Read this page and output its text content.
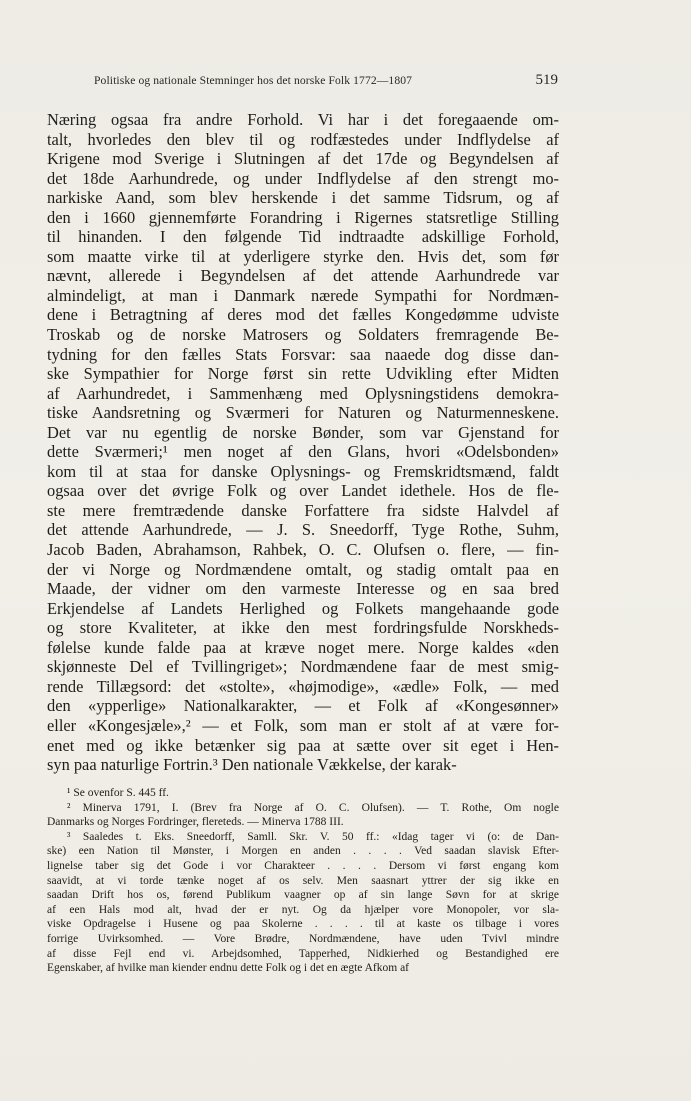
Politiske og nationale Stemninger hos det norske Folk 1772—1807	519
Næring ogsaa fra andre Forhold. Vi har i det foregaaende om-
talt, hvorledes den blev til og rodfæstedes under Indflydelse af
Krigene mod Sverige i Slutningen af det 17de og Begyndelsen af
det 18de Aarhundrede, og under Indflydelse af den strengt mo-
narkiske Aand, som blev herskende i det samme Tidsrum, og af
den i 1660 gjennemførte Forandring i Rigernes statsretlige Stilling
til hinanden. I den følgende Tid indtraadte adskillige Forhold,
som maatte virke til at yderligere styrke den. Hvis det, som før
nævnt, allerede i Begyndelsen af det attende Aarhundrede var
almindeligt, at man i Danmark nærede Sympathi for Nordmæn-
dene i Betragtning af deres mod det fælles Kongedømme udviste
Troskab og de norske Matrosers og Soldaters fremragende Be-
tydning for den fælles Stats Forsvar: saa naaede dog disse dan-
ske Sympathier for Norge først sin rette Udvikling efter Midten
af Aarhundredet, i Sammenhæng med Oplysningstidens demokra-
tiske Aandsretning og Sværmeri for Naturen og Naturmenneskene.
Det var nu egentlig de norske Bønder, som var Gjenstand for
dette Sværmeri;¹ men noget af den Glans, hvori «Odelsbonden»
kom til at staa for danske Oplysnings- og Fremskridtsmænd, faldt
ogsaa over det øvrige Folk og over Landet idethele. Hos de fle-
ste mere fremtrædende danske Forfattere fra sidste Halvdel af
det attende Aarhundrede, — J. S. Sneedorff, Tyge Rothe, Suhm,
Jacob Baden, Abrahamson, Rahbek, O. C. Olufsen o. flere, — fin-
der vi Norge og Nordmændene omtalt, og stadig omtalt paa en
Maade, der vidner om den varmeste Interesse og en saa bred
Erkjendelse af Landets Herlighed og Folkets mangehaande gode
og store Kvaliteter, at ikke den mest fordringsfulde Norskheds-
følelse kunde falde paa at kræve noget mere. Norge kaldes «den
skjønneste Del ef Tvillingriget»; Nordmændene faar de mest smig-
rende Tillægsord: det «stolte», «højmodige», «ædle» Folk, — med
den «ypperlige» Nationalkarakter, — et Folk af «Kongesønner»
eller «Kongesjæle»,² — et Folk, som man er stolt af at være for-
enet med og ikke betænker sig paa at sætte over sit eget i Hen-
syn paa naturlige Fortrin.³ Den nationale Vækkelse, der karak-
¹ Se ovenfor S. 445 ff.
² Minerva 1791, I. (Brev fra Norge af O. C. Olufsen). — T. Rothe, Om nogle
Danmarks og Norges Fordringer, flereteds. — Minerva 1788 III.
³ Saaledes t. Eks. Sneedorff, Samll. Skr. V. 50 ff.: «Idag tager vi (o: de Dan-
ske) een Nation til Mønster, i Morgen en anden . . . . Ved saadan slavisk Efter-
lignelse taber sig det Gode i vor Charakteer . . . . Dersom vi først engang kom
saavidt, at vi torde tænke noget af os selv. Men saasnart yttrer der sig ikke en
saadan Drift hos os, førend Publikum vaagner op af sin lange Søvn for at skrige
af een Hals mod alt, hvad der er nyt. Og da hjælper vore Monopoler, vor sla-
viske Opdragelse i Husene og paa Skolerne . . . . til at kaste os tilbage i vores
forrige Uvirksomhed. — Vore Brødre, Nordmændene, have uden Tvivl mindre
af disse Fejl end vi. Arbejdsomhed, Tapperhed, Nidkierhed og Bestandighed ere
Egenskaber, af hvilke man kiender endnu dette Folk og i det en ægte Afkom af
